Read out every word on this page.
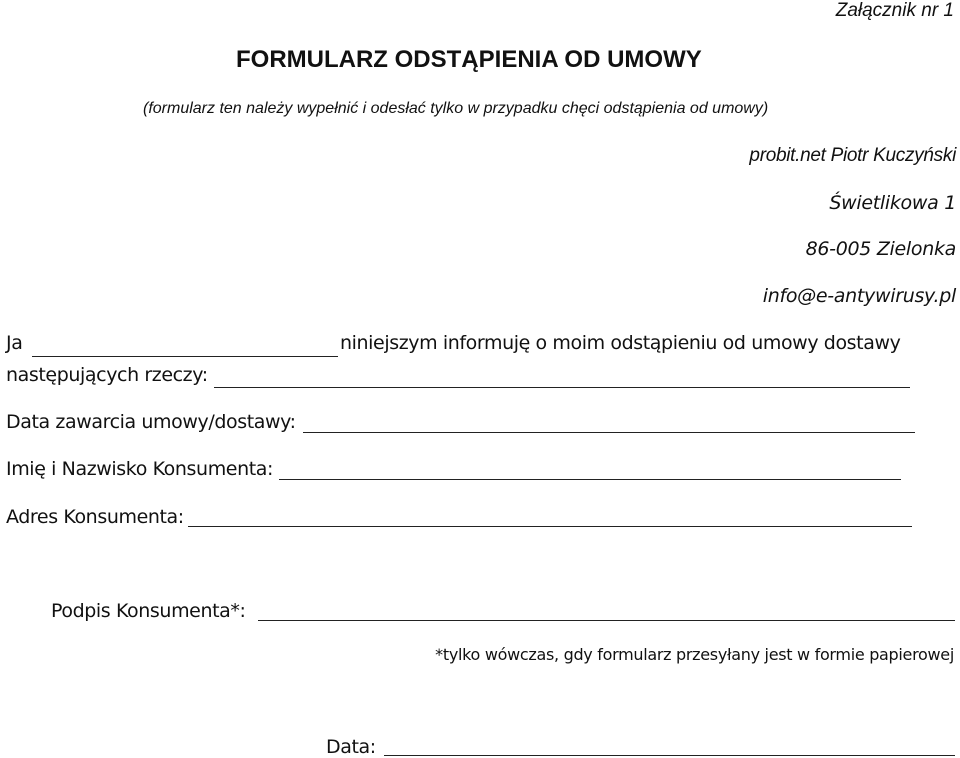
Załącznik nr 1
FORMULARZ ODSTĄPIENIA OD UMOWY
(formularz ten należy wypełnić i odesłać tylko w przypadku chęci odstąpienia od umowy)
probit.net Piotr Kuczyński
Świetlikowa 1
86-005 Zielonka
info@e-antywirusy.pl
Ja	niniejszym informuję o moim odstąpieniu od umowy dostawy
następujących rzeczy:
Data zawarcia umowy/dostawy:
Imię i Nazwisko Konsumenta:
Adres Konsumenta:
Podpis Konsumenta*:
*tylko wówczas, gdy formularz przesyłany jest w formie papierowej
Data:
